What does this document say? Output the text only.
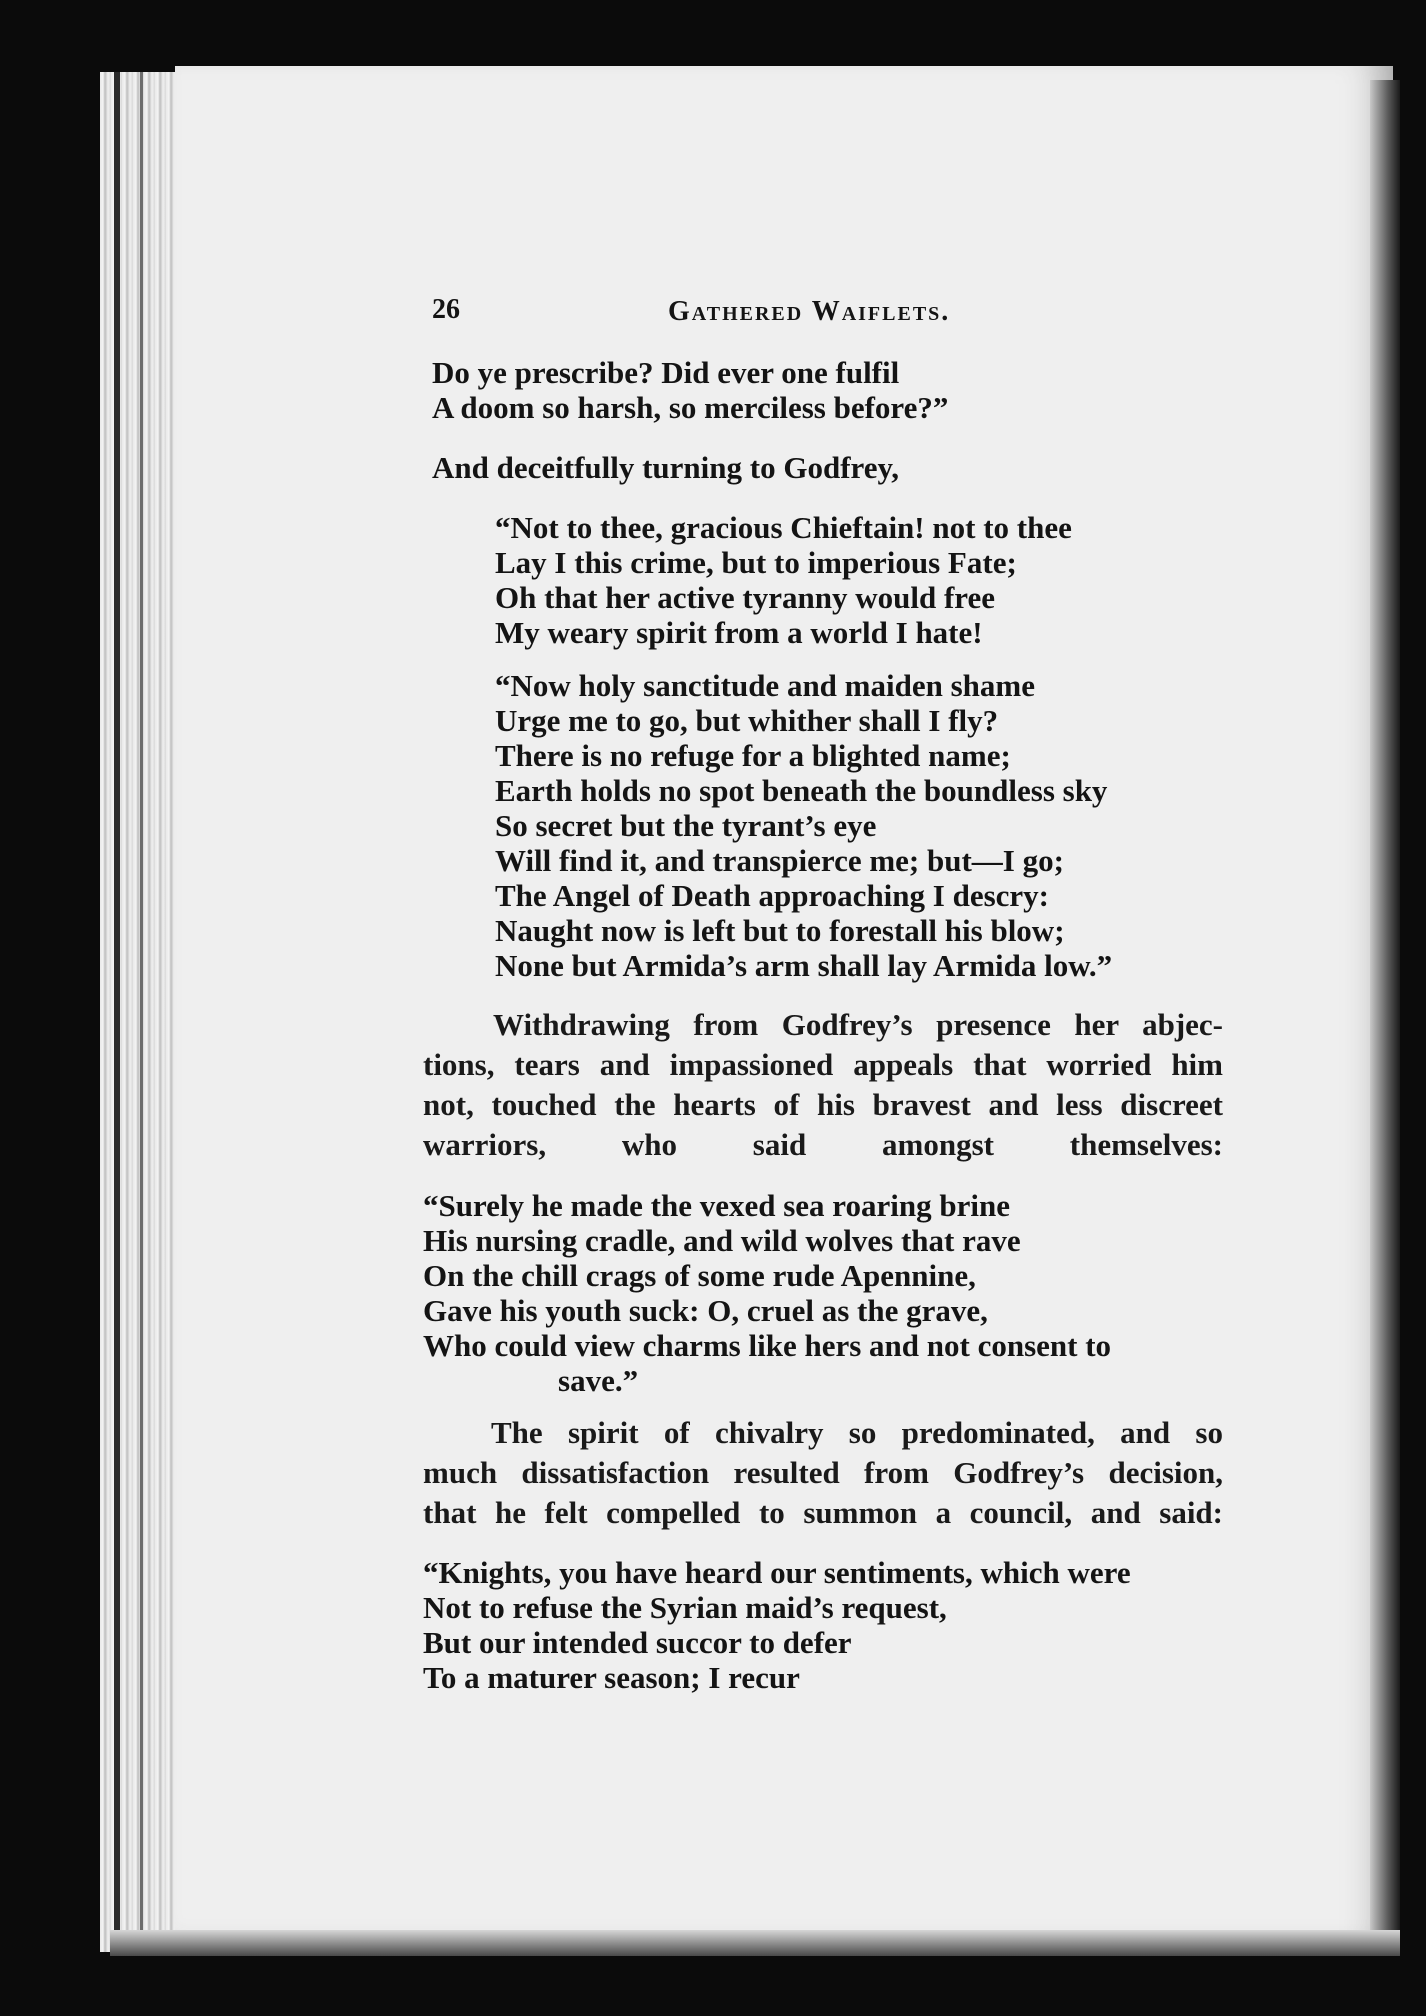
26	Gathered Waiflets.
Do ye prescribe? Did ever one fulfil
A doom so harsh, so merciless before?”
And deceitfully turning to Godfrey,
“Not to thee, gracious Chieftain! not to thee
Lay I this crime, but to imperious Fate;
Oh that her active tyranny would free
My weary spirit from a world I hate!
“Now holy sanctitude and maiden shame
Urge me to go, but whither shall I fly?
There is no refuge for a blighted name;
Earth holds no spot beneath the boundless sky
So secret but the tyrant’s eye
Will find it, and transpierce me; but—I go;
The Angel of Death approaching I descry:
Naught now is left but to forestall his blow;
None but Armida’s arm shall lay Armida low.”
Withdrawing from Godfrey’s presence her abjec-
tions, tears and impassioned appeals that worried him
not, touched the hearts of his bravest and less discreet
warriors, who said amongst themselves:
“Surely he made the vexed sea roaring brine
His nursing cradle, and wild wolves that rave
On the chill crags of some rude Apennine,
Gave his youth suck: O, cruel as the grave,
Who could view charms like hers and not consent to
save.”
The spirit of chivalry so predominated, and so
much dissatisfaction resulted from Godfrey’s decision,
that he felt compelled to summon a council, and said:
“Knights, you have heard our sentiments, which were
Not to refuse the Syrian maid’s request,
But our intended succor to defer
To a maturer season; I recur
